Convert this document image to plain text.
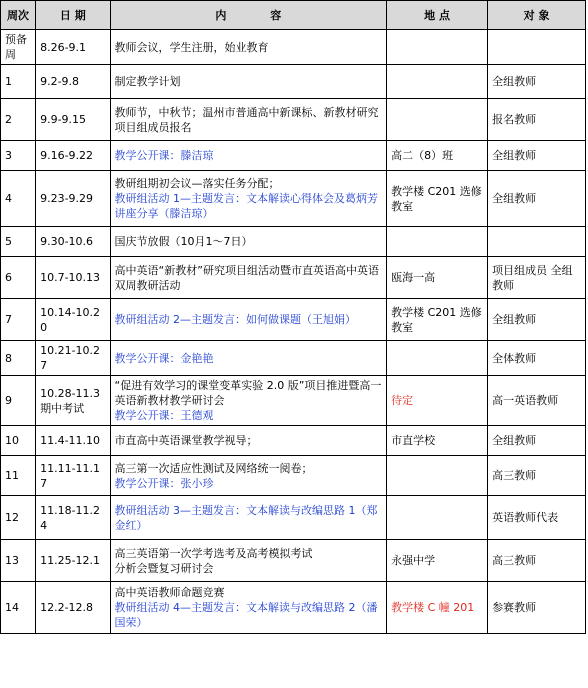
周次	日 期	内　　　　容	地 点	对 象
预备周	8.26-9.1	教师会议，学生注册，始业教育		

1	9.2-9.8	制定教学计划		全组教师
2	9.9-9.15	教师节，中秋节；温州市普通高中新课标、新教材研究项目组成员报名		报名教师
3	9.16-9.22	教学公开课：滕洁琼	高二（8）班	全组教师
4	9.23-9.29	教研组期初会议—落实任务分配；
教研组活动 1—主题发言：文本解读心得体会及葛炳芳讲座分享（滕洁琼）	教学楼 C201 选修教室	全组教师
5	9.30-10.6	国庆节放假（10月1～7日）		

6	10.7-10.13	高中英语“新教材”研究项目组活动暨市直英语高中英语双周教研活动	瓯海一高	项目组成员 全组教师
7	10.14-10.20	教研组活动 2—主题发言：如何做课题（王旭娟）	教学楼 C201 选修教室	全组教师
8	10.21-10.27	教学公开课：金艳艳		全体教师
9	10.28-11.3 期中考试	“促进有效学习的课堂变革实验 2.0 版”项目推进暨高一英语新教材教学研讨会
教学公开课：王德观	待定	高一英语教师
10	11.4-11.10	市直高中英语课堂教学视导；	市直学校	全组教师
11	11.11-11.17	高三第一次适应性测试及网络统一阅卷；
教学公开课：张小珍		高三教师
12	11.18-11.24	教研组活动 3—主题发言：文本解读与改编思路 1（郑金红）		英语教师代表
13	11.25-12.1	高三英语第一次学考选考及高考模拟考试
分析会暨复习研讨会	永强中学	高三教师
14	12.2-12.8	高中英语教师命题竞赛
教研组活动 4—主题发言：文本解读与改编思路 2（潘国荣）	教学楼 C 幢 201	参赛教师
